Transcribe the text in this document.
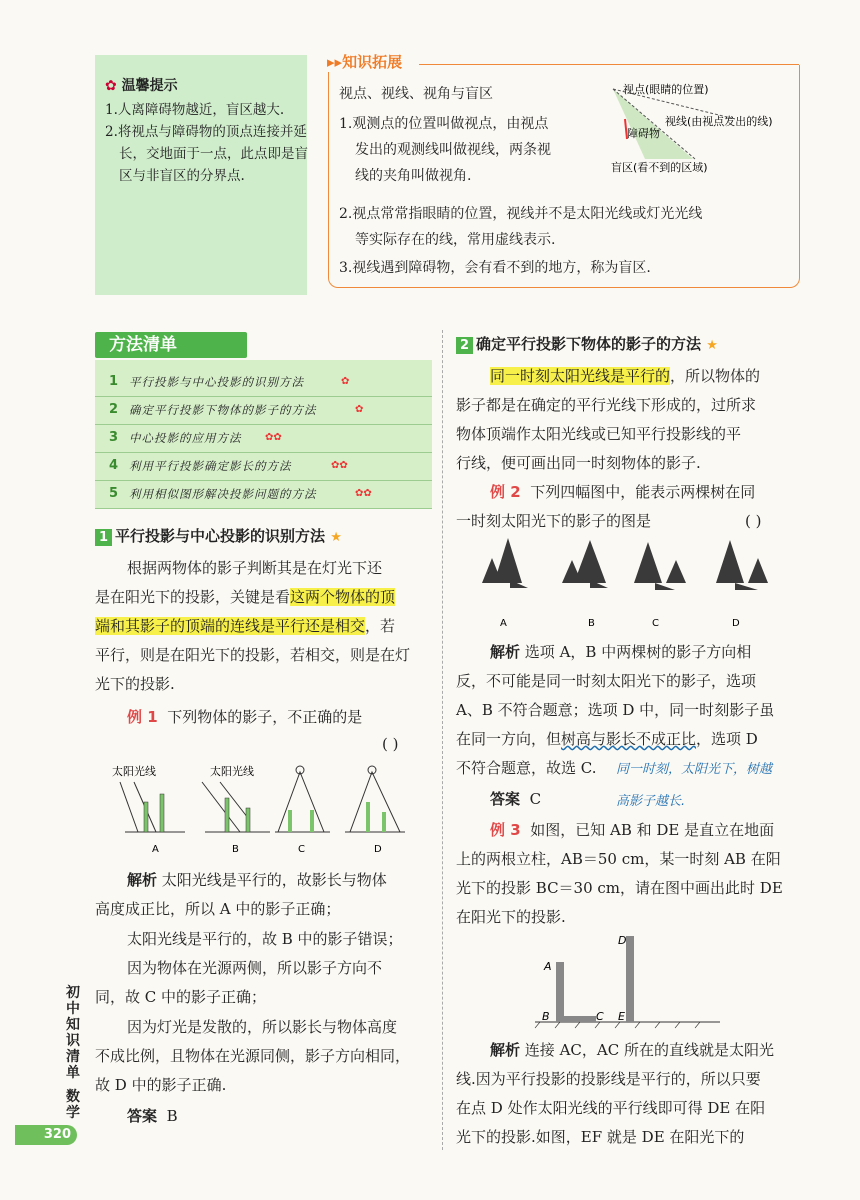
✿ 温馨提示
1.人离障碍物越近，盲区越大.
2.将视点与障碍物的顶点连接并延长，交地面于一点，此点即是盲区与非盲区的分界点.
▸▸知识拓展
视点、视线、视角与盲区
1.观测点的位置叫做视点，由视点
发出的观测线叫做视线，两条视
线的夹角叫做视角.
2.视点常常指眼睛的位置，视线并不是太阳光线或灯光光线
等实际存在的线，常用虚线表示.
3.视线遇到障碍物，会有看不到的地方，称为盲区.
视点(眼睛的位置)
视线(由视点发出的线)
障碍物
盲区(看不到的区域)
方法清单
1 平行投影与中心投影的识别方法	✿
2 确定平行投影下物体的影子的方法	✿
3 中心投影的应用方法 ✿✿
4 利用平行投影确定影长的方法	✿✿
5 利用相似图形解决投影问题的方法	✿✿
1 平行投影与中心投影的识别方法 ★
根据两物体的影子判断其是在灯光下还
是在阳光下的投影，关键是看这两个物体的顶
端和其影子的顶端的连线是平行还是相交，若
平行，则是在阳光下的投影，若相交，则是在灯
光下的投影.
例 1 下列物体的影子，不正确的是
( )
太阳光线	太阳光线
A	B	C	D
解析 太阳光线是平行的，故影长与物体
高度成正比，所以 A 中的影子正确；
太阳光线是平行的，故 B 中的影子错误；
因为物体在光源两侧，所以影子方向不
同，故 C 中的影子正确；
因为灯光是发散的，所以影长与物体高度
不成比例，且物体在光源同侧，影子方向相同，
故 D 中的影子正确.
答案 B
2 确定平行投影下物体的影子的方法 ★
同一时刻太阳光线是平行的，所以物体的
影子都是在确定的平行光线下形成的，过所求
物体顶端作太阳光线或已知平行投影线的平
行线，便可画出同一时刻物体的影子.
例 2 下列四幅图中，能表示两棵树在同
一时刻太阳光下的影子的图是	( )
A	B	C	D
解析 选项 A，B 中两棵树的影子方向相
反，不可能是同一时刻太阳光下的影子，选项
A、B 不符合题意；选项 D 中，同一时刻影子虽
在同一方向，但树高与影长不成正比，选项 D
不符合题意，故选 C. 同一时刻，太阳光下，树越
答案 C	高影子越长.
例 3 如图，已知 AB 和 DE 是直立在地面
上的两根立柱，AB＝50 cm，某一时刻 AB 在阳
光下的投影 BC＝30 cm，请在图中画出此时 DE
在阳光下的投影.
A
B	C
D
E
解析 连接 AC，AC 所在的直线就是太阳光
线.因为平行投影的投影线是平行的，所以只要
在点 D 处作太阳光线的平行线即可得 DE 在阳
光下的投影.如图，EF 就是 DE 在阳光下的
初中知识清单
数学
320
